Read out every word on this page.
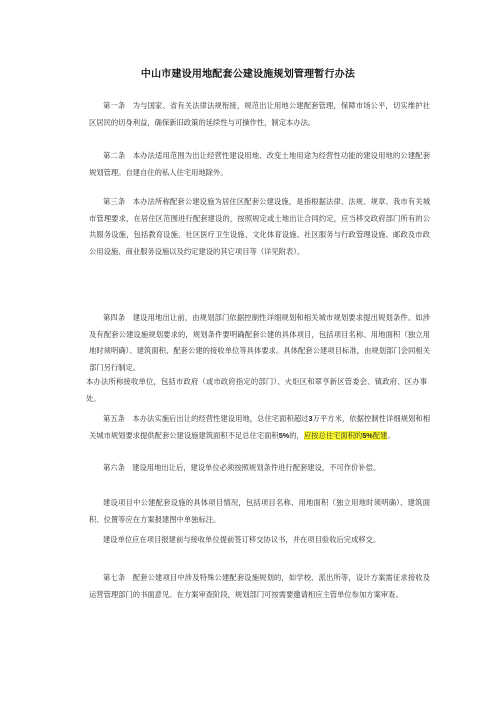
中山市建设用地配套公建设施规划管理暂行办法
第一条　为与国家、省有关法律法规衔接，规范出让用地公建配套管理，保障市场公平，切实维护社区居民的切身利益，确保新旧政策的延续性与可操作性，制定本办法。
第二条　本办法适用范围为出让经营性建设用地、改变土地用途为经营性功能的建设用地的公建配套规划管理。自建自住的私人住宅用地除外。
第三条　本办法所称配套公建设施为居住区配套公建设施，是指根据法律、法规、规章、我市有关城市管理要求，在居住区范围进行配套建设的，按照规定或土地出让合同约定，应当移交政府部门所有的公共服务设施，包括教育设施、社区医疗卫生设施、文化体育设施、社区服务与行政管理设施、邮政及市政公用设施、商业服务设施以及约定建设的其它项目等（详见附表）。
第四条　建设用地出让前，由规划部门依据控制性详细规划和相关城市规划要求提出规划条件。如涉及有配套公建设施规划要求的，规划条件要明确配套公建的具体项目，包括项目名称、用地面积（独立用地时须明确）、建筑面积、配套公建的接收单位等具体要求。具体配套公建项目标准，由规划部门会同相关部门另行制定。
本办法所称接收单位，包括市政府（或市政府指定的部门）、火炬区和翠亨新区管委会、镇政府、区办事处。
第五条　本办法实施后出让的经营性建设用地，总住宅面积超过3万平方米，依据控制性详细规划和相关城市规划要求提供配套公建设施建筑面积不足总住宅面积5%的，应按总住宅面积的5%配建。
第六条　建设用地出让后，建设单位必须按照规划条件进行配套建设，不可作价补偿。
建设项目中公建配套设施的具体项目情况，包括项目名称、用地面积（独立用地时须明确）、建筑面积、位置等应在方案报建图中单独标注。
建设单位应在项目报建前与接收单位提前签订移交协议书，并在项目验收后完成移交。
第七条　配套公建项目中涉及特殊公建配套设施规划的，如学校、派出所等，设计方案需征求接收及运营管理部门的书面意见。在方案审查阶段，规划部门可按需要邀请相应主管单位参加方案审查。
